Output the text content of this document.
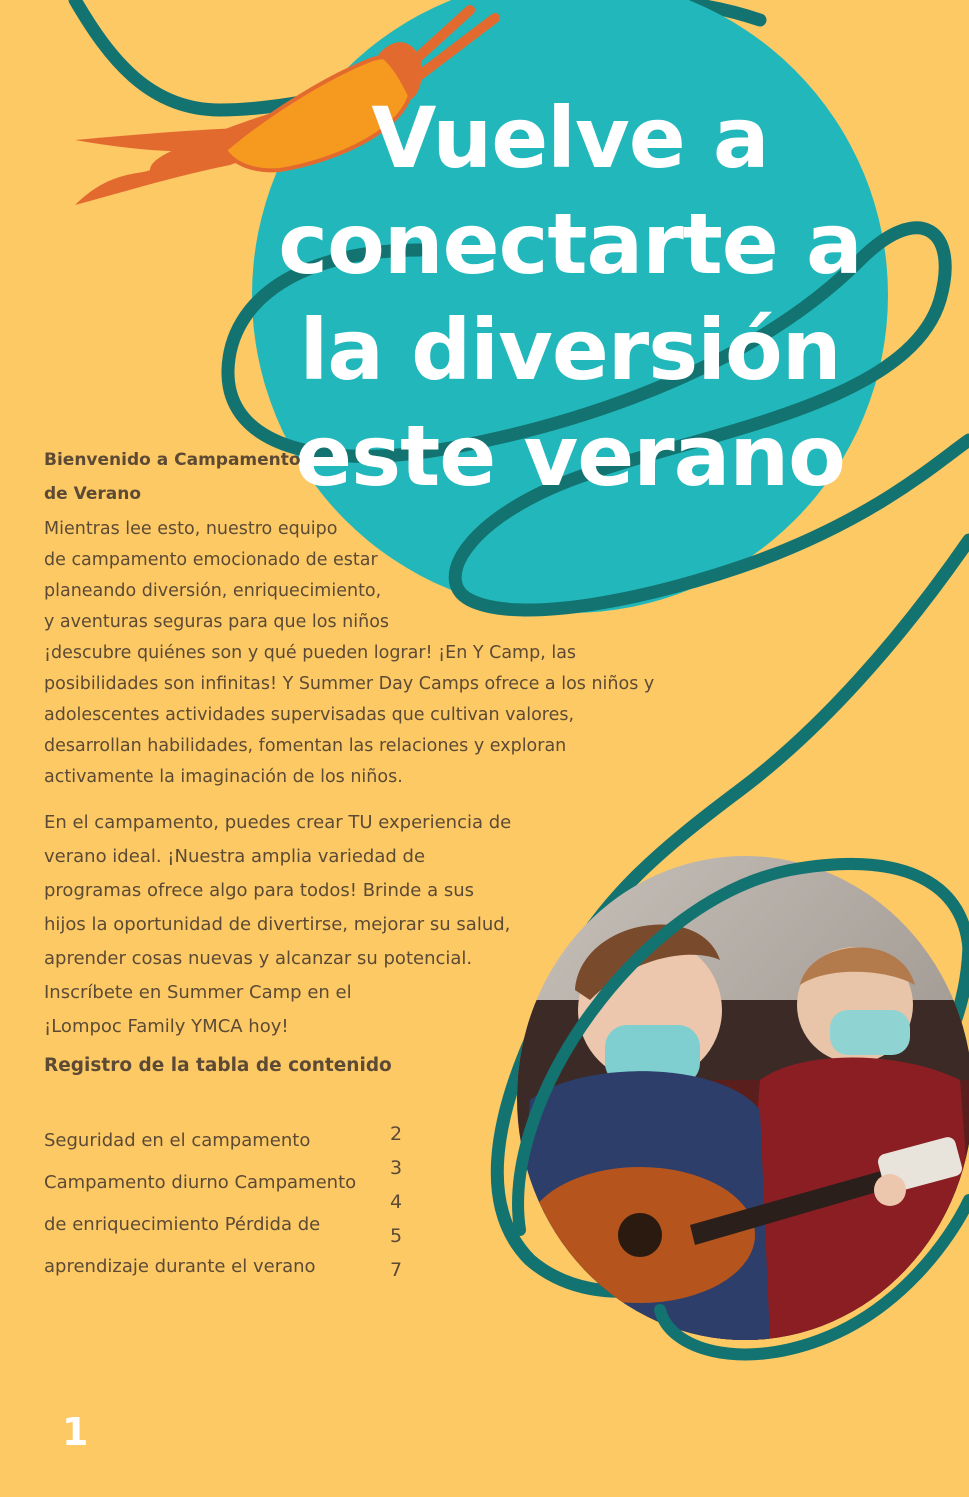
Vuelve a
conectarte a
la diversión
este verano
Bienvenido a Campamento
de Verano

Mientras lee esto, nuestro equipo
de campamento emocionado de estar
planeando diversión, enriquecimiento,
y aventuras seguras para que los niños
¡descubre quiénes son y qué pueden lograr! ¡En Y Camp, las
posibilidades son infinitas! Y Summer Day Camps ofrece a los niños y
adolescentes actividades supervisadas que cultivan valores,
desarrollan habilidades, fomentan las relaciones y exploran
activamente la imaginación de los niños.

En el campamento, puedes crear TU experiencia de
verano ideal. ¡Nuestra amplia variedad de
programas ofrece algo para todos! Brinde a sus
hijos la oportunidad de divertirse, mejorar su salud,
aprender cosas nuevas y alcanzar su potencial.
Inscríbete en Summer Camp en el
¡Lompoc Family YMCA hoy!

Registro de la tabla de contenido
Seguridad en el campamento
Campamento diurno Campamento
de enriquecimiento Pérdida de
aprendizaje durante el verano
2
3
4
5
7
1
